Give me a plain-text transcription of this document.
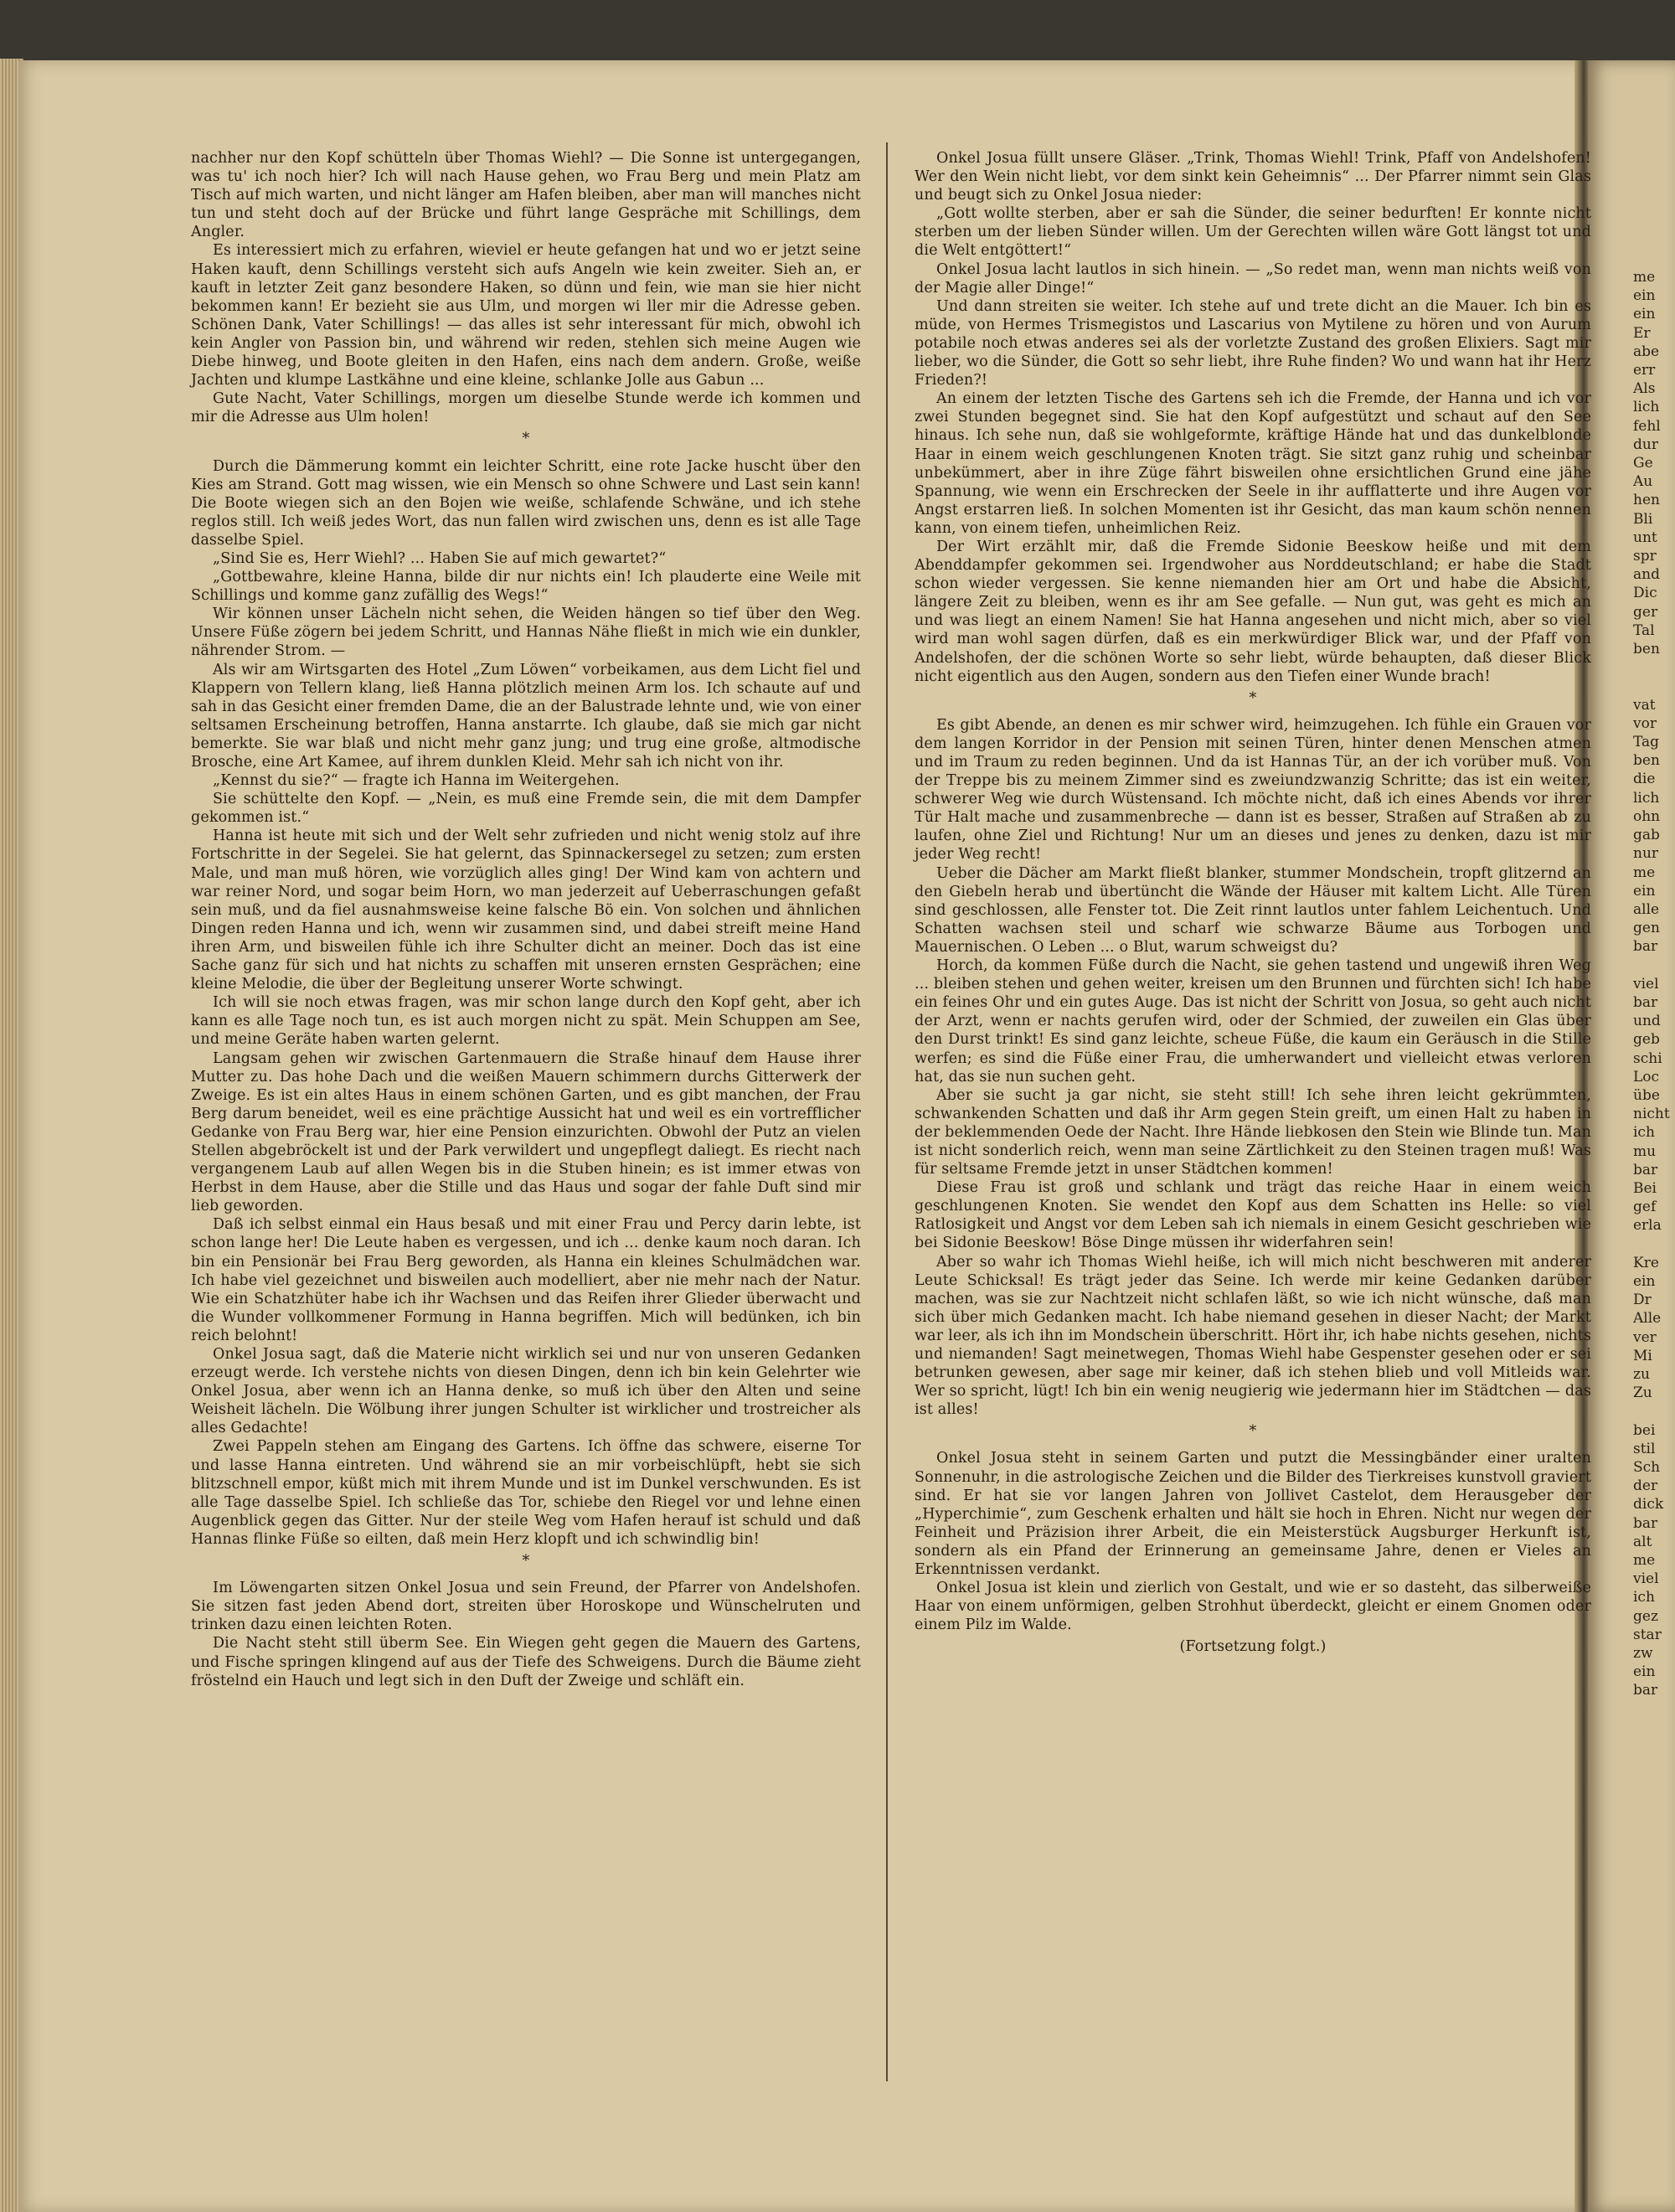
me
ein
ein
Er
abe
err
Als
lich
fehl
dur
Ge
Au
hen
Bli
unt
spr
and
Dic
ger
Tal
ben

vat
vor
Tag
ben
die
lich
ohn
gab
nur
me
ein
alle
gen
bar

viel
bar
und
geb
schi
Loc
übe
nicht
ich
mu
bar
Bei
gef
erla

Kre
ein
Dr
Alle
ver
Mi
zu
Zu

bei
stil
Sch
der
dick
bar
alt
me
viel
ich
gez
star
zw
ein
bar

nachher nur den Kopf schütteln über Thomas Wiehl? — Die Sonne ist untergegangen, was tu' ich noch hier? Ich will nach Hause gehen, wo Frau Berg und mein Platz am Tisch auf mich warten, und nicht länger am Hafen bleiben, aber man will manches nicht tun und steht doch auf der Brücke und führt lange Gespräche mit Schillings, dem Angler.

Es interessiert mich zu erfahren, wieviel er heute gefangen hat und wo er jetzt seine Haken kauft, denn Schillings versteht sich aufs Angeln wie kein zweiter. Sieh an, er kauft in letzter Zeit ganz besondere Haken, so dünn und fein, wie man sie hier nicht bekommen kann! Er bezieht sie aus Ulm, und morgen wi ller mir die Adresse geben. Schönen Dank, Vater Schillings! — das alles ist sehr interessant für mich, obwohl ich kein Angler von Passion bin, und während wir reden, stehlen sich meine Augen wie Diebe hinweg, und Boote gleiten in den Hafen, eins nach dem andern. Große, weiße Jachten und klumpe Lastkähne und eine kleine, schlanke Jolle aus Gabun ...

Gute Nacht, Vater Schillings, morgen um dieselbe Stunde werde ich kommen und mir die Adresse aus Ulm holen!

*

Durch die Dämmerung kommt ein leichter Schritt, eine rote Jacke huscht über den Kies am Strand. Gott mag wissen, wie ein Mensch so ohne Schwere und Last sein kann! Die Boote wiegen sich an den Bojen wie weiße, schlafende Schwäne, und ich stehe reglos still. Ich weiß jedes Wort, das nun fallen wird zwischen uns, denn es ist alle Tage dasselbe Spiel.

„Sind Sie es, Herr Wiehl? ... Haben Sie auf mich gewartet?“

„Gottbewahre, kleine Hanna, bilde dir nur nichts ein! Ich plauderte eine Weile mit Schillings und komme ganz zufällig des Wegs!“

Wir können unser Lächeln nicht sehen, die Weiden hängen so tief über den Weg. Unsere Füße zögern bei jedem Schritt, und Hannas Nähe fließt in mich wie ein dunkler, nährender Strom. —

Als wir am Wirtsgarten des Hotel „Zum Löwen“ vorbeikamen, aus dem Licht fiel und Klappern von Tellern klang, ließ Hanna plötzlich meinen Arm los. Ich schaute auf und sah in das Gesicht einer fremden Dame, die an der Balustrade lehnte und, wie von einer seltsamen Erscheinung betroffen, Hanna anstarrte. Ich glaube, daß sie mich gar nicht bemerkte. Sie war blaß und nicht mehr ganz jung; und trug eine große, altmodische Brosche, eine Art Kamee, auf ihrem dunklen Kleid. Mehr sah ich nicht von ihr.

„Kennst du sie?“ — fragte ich Hanna im Weitergehen.

Sie schüttelte den Kopf. — „Nein, es muß eine Fremde sein, die mit dem Dampfer gekommen ist.“

Hanna ist heute mit sich und der Welt sehr zufrieden und nicht wenig stolz auf ihre Fortschritte in der Segelei. Sie hat gelernt, das Spinnackersegel zu setzen; zum ersten Male, und man muß hören, wie vorzüglich alles ging! Der Wind kam von achtern und war reiner Nord, und sogar beim Horn, wo man jederzeit auf Ueberraschungen gefaßt sein muß, und da fiel ausnahmsweise keine falsche Bö ein. Von solchen und ähnlichen Dingen reden Hanna und ich, wenn wir zusammen sind, und dabei streift meine Hand ihren Arm, und bisweilen fühle ich ihre Schulter dicht an meiner. Doch das ist eine Sache ganz für sich und hat nichts zu schaffen mit unseren ernsten Gesprächen; eine kleine Melodie, die über der Begleitung unserer Worte schwingt.

Ich will sie noch etwas fragen, was mir schon lange durch den Kopf geht, aber ich kann es alle Tage noch tun, es ist auch morgen nicht zu spät. Mein Schuppen am See, und meine Geräte haben warten gelernt.

Langsam gehen wir zwischen Gartenmauern die Straße hinauf dem Hause ihrer Mutter zu. Das hohe Dach und die weißen Mauern schimmern durchs Gitterwerk der Zweige. Es ist ein altes Haus in einem schönen Garten, und es gibt manchen, der Frau Berg darum beneidet, weil es eine prächtige Aussicht hat und weil es ein vortrefflicher Gedanke von Frau Berg war, hier eine Pension einzurichten. Obwohl der Putz an vielen Stellen abgebröckelt ist und der Park verwildert und ungepflegt daliegt. Es riecht nach vergangenem Laub auf allen Wegen bis in die Stuben hinein; es ist immer etwas von Herbst in dem Hause, aber die Stille und das Haus und sogar der fahle Duft sind mir lieb geworden.

Daß ich selbst einmal ein Haus besaß und mit einer Frau und Percy darin lebte, ist schon lange her! Die Leute haben es vergessen, und ich ... denke kaum noch daran. Ich bin ein Pensionär bei Frau Berg geworden, als Hanna ein kleines Schulmädchen war. Ich habe viel gezeichnet und bisweilen auch modelliert, aber nie mehr nach der Natur. Wie ein Schatzhüter habe ich ihr Wachsen und das Reifen ihrer Glieder überwacht und die Wunder vollkommener Formung in Hanna begriffen. Mich will bedünken, ich bin reich belohnt!

Onkel Josua sagt, daß die Materie nicht wirklich sei und nur von unseren Gedanken erzeugt werde. Ich verstehe nichts von diesen Dingen, denn ich bin kein Gelehrter wie Onkel Josua, aber wenn ich an Hanna denke, so muß ich über den Alten und seine Weisheit lächeln. Die Wölbung ihrer jungen Schulter ist wirklicher und trostreicher als alles Gedachte!

Zwei Pappeln stehen am Eingang des Gartens. Ich öffne das schwere, eiserne Tor und lasse Hanna eintreten. Und während sie an mir vorbeischlüpft, hebt sie sich blitzschnell empor, küßt mich mit ihrem Munde und ist im Dunkel verschwunden. Es ist alle Tage dasselbe Spiel. Ich schließe das Tor, schiebe den Riegel vor und lehne einen Augenblick gegen das Gitter. Nur der steile Weg vom Hafen herauf ist schuld und daß Hannas flinke Füße so eilten, daß mein Herz klopft und ich schwindlig bin!

*

Im Löwengarten sitzen Onkel Josua und sein Freund, der Pfarrer von Andelshofen. Sie sitzen fast jeden Abend dort, streiten über Horoskope und Wünschelruten und trinken dazu einen leichten Roten.

Die Nacht steht still überm See. Ein Wiegen geht gegen die Mauern des Gartens, und Fische springen klingend auf aus der Tiefe des Schweigens. Durch die Bäume zieht fröstelnd ein Hauch und legt sich in den Duft der Zweige und schläft ein.

Onkel Josua füllt unsere Gläser. „Trink, Thomas Wiehl! Trink, Pfaff von Andelshofen! Wer den Wein nicht liebt, vor dem sinkt kein Geheimnis“ ... Der Pfarrer nimmt sein Glas und beugt sich zu Onkel Josua nieder:

„Gott wollte sterben, aber er sah die Sünder, die seiner bedurften! Er konnte nicht sterben um der lieben Sünder willen. Um der Gerechten willen wäre Gott längst tot und die Welt entgöttert!“

Onkel Josua lacht lautlos in sich hinein. — „So redet man, wenn man nichts weiß von der Magie aller Dinge!“

Und dann streiten sie weiter. Ich stehe auf und trete dicht an die Mauer. Ich bin es müde, von Hermes Trismegistos und Lascarius von Mytilene zu hören und von Aurum potabile noch etwas anderes sei als der vorletzte Zustand des großen Elixiers. Sagt mir lieber, wo die Sünder, die Gott so sehr liebt, ihre Ruhe finden? Wo und wann hat ihr Herz Frieden?!

An einem der letzten Tische des Gartens seh ich die Fremde, der Hanna und ich vor zwei Stunden begegnet sind. Sie hat den Kopf aufgestützt und schaut auf den See hinaus. Ich sehe nun, daß sie wohlgeformte, kräftige Hände hat und das dunkelblonde Haar in einem weich geschlungenen Knoten trägt. Sie sitzt ganz ruhig und scheinbar unbekümmert, aber in ihre Züge fährt bisweilen ohne ersichtlichen Grund eine jähe Spannung, wie wenn ein Erschrecken der Seele in ihr aufflatterte und ihre Augen vor Angst erstarren ließ. In solchen Momenten ist ihr Gesicht, das man kaum schön nennen kann, von einem tiefen, unheimlichen Reiz.

Der Wirt erzählt mir, daß die Fremde Sidonie Beeskow heiße und mit dem Abenddampfer gekommen sei. Irgendwoher aus Norddeutschland; er habe die Stadt schon wieder vergessen. Sie kenne niemanden hier am Ort und habe die Absicht, längere Zeit zu bleiben, wenn es ihr am See gefalle. — Nun gut, was geht es mich an und was liegt an einem Namen! Sie hat Hanna angesehen und nicht mich, aber so viel wird man wohl sagen dürfen, daß es ein merkwürdiger Blick war, und der Pfaff von Andelshofen, der die schönen Worte so sehr liebt, würde behaupten, daß dieser Blick nicht eigentlich aus den Augen, sondern aus den Tiefen einer Wunde brach!

*

Es gibt Abende, an denen es mir schwer wird, heimzugehen. Ich fühle ein Grauen vor dem langen Korridor in der Pension mit seinen Türen, hinter denen Menschen atmen und im Traum zu reden beginnen. Und da ist Hannas Tür, an der ich vorüber muß. Von der Treppe bis zu meinem Zimmer sind es zweiundzwanzig Schritte; das ist ein weiter, schwerer Weg wie durch Wüstensand. Ich möchte nicht, daß ich eines Abends vor ihrer Tür Halt mache und zusammenbreche — dann ist es besser, Straßen auf Straßen ab zu laufen, ohne Ziel und Richtung! Nur um an dieses und jenes zu denken, dazu ist mir jeder Weg recht!

Ueber die Dächer am Markt fließt blanker, stummer Mondschein, tropft glitzernd an den Giebeln herab und übertüncht die Wände der Häuser mit kaltem Licht. Alle Türen sind geschlossen, alle Fenster tot. Die Zeit rinnt lautlos unter fahlem Leichentuch. Und Schatten wachsen steil und scharf wie schwarze Bäume aus Torbogen und Mauernischen. O Leben ... o Blut, warum schweigst du?

Horch, da kommen Füße durch die Nacht, sie gehen tastend und ungewiß ihren Weg ... bleiben stehen und gehen weiter, kreisen um den Brunnen und fürchten sich! Ich habe ein feines Ohr und ein gutes Auge. Das ist nicht der Schritt von Josua, so geht auch nicht der Arzt, wenn er nachts gerufen wird, oder der Schmied, der zuweilen ein Glas über den Durst trinkt! Es sind ganz leichte, scheue Füße, die kaum ein Geräusch in die Stille werfen; es sind die Füße einer Frau, die umherwandert und vielleicht etwas verloren hat, das sie nun suchen geht.

Aber sie sucht ja gar nicht, sie steht still! Ich sehe ihren leicht gekrümmten, schwankenden Schatten und daß ihr Arm gegen Stein greift, um einen Halt zu haben in der beklemmenden Oede der Nacht. Ihre Hände liebkosen den Stein wie Blinde tun. Man ist nicht sonderlich reich, wenn man seine Zärtlichkeit zu den Steinen tragen muß! Was für seltsame Fremde jetzt in unser Städtchen kommen!

Diese Frau ist groß und schlank und trägt das reiche Haar in einem weich geschlungenen Knoten. Sie wendet den Kopf aus dem Schatten ins Helle: so viel Ratlosigkeit und Angst vor dem Leben sah ich niemals in einem Gesicht geschrieben wie bei Sidonie Beeskow! Böse Dinge müssen ihr widerfahren sein!

Aber so wahr ich Thomas Wiehl heiße, ich will mich nicht beschweren mit anderer Leute Schicksal! Es trägt jeder das Seine. Ich werde mir keine Gedanken darüber machen, was sie zur Nachtzeit nicht schlafen läßt, so wie ich nicht wünsche, daß man sich über mich Gedanken macht. Ich habe niemand gesehen in dieser Nacht; der Markt war leer, als ich ihn im Mondschein überschritt. Hört ihr, ich habe nichts gesehen, nichts und niemanden! Sagt meinetwegen, Thomas Wiehl habe Gespenster gesehen oder er sei betrunken gewesen, aber sage mir keiner, daß ich stehen blieb und voll Mitleids war. Wer so spricht, lügt! Ich bin ein wenig neugierig wie jedermann hier im Städtchen — das ist alles!

*

Onkel Josua steht in seinem Garten und putzt die Messingbänder einer uralten Sonnenuhr, in die astrologische Zeichen und die Bilder des Tierkreises kunstvoll graviert sind. Er hat sie vor langen Jahren von Jollivet Castelot, dem Herausgeber der „Hyperchimie“, zum Geschenk erhalten und hält sie hoch in Ehren. Nicht nur wegen der Feinheit und Präzision ihrer Arbeit, die ein Meisterstück Augsburger Herkunft ist, sondern als ein Pfand der Erinnerung an gemeinsame Jahre, denen er Vieles an Erkenntnissen verdankt.

Onkel Josua ist klein und zierlich von Gestalt, und wie er so dasteht, das silberweiße Haar von einem unförmigen, gelben Strohhut überdeckt, gleicht er einem Gnomen oder einem Pilz im Walde.

(Fortsetzung folgt.)
